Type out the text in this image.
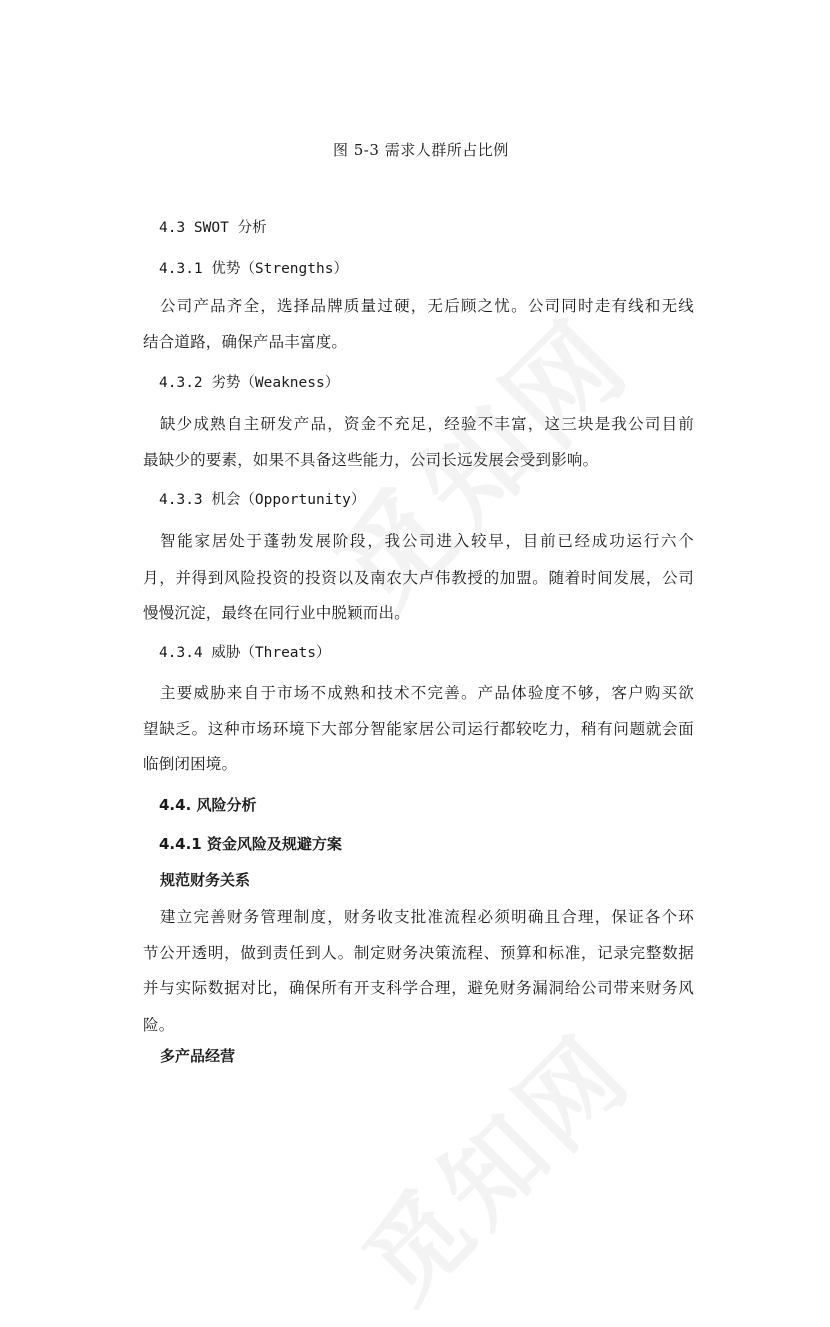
图 5-3 需求人群所占比例

4.3 SWOT 分析
4.3.1 优势（Strengths）

公司产品齐全，选择品牌质量过硬，无后顾之忧。公司同时走有线和无线

结合道路，确保产品丰富度。

4.3.2 劣势（Weakness）

缺少成熟自主研发产品，资金不充足，经验不丰富，这三块是我公司目前

最缺少的要素，如果不具备这些能力，公司长远发展会受到影响。

4.3.3 机会（Opportunity）

智能家居处于蓬勃发展阶段，我公司进入较早，目前已经成功运行六个

月，并得到风险投资的投资以及南农大卢伟教授的加盟。随着时间发展，公司

慢慢沉淀，最终在同行业中脱颖而出。

4.3.4 威胁（Threats）

主要威胁来自于市场不成熟和技术不完善。产品体验度不够，客户购买欲

望缺乏。这种市场环境下大部分智能家居公司运行都较吃力，稍有问题就会面

临倒闭困境。

4.4. 风险分析
4.4.1 资金风险及规避方案
规范财务关系

建立完善财务管理制度，财务收支批准流程必须明确且合理，保证各个环

节公开透明，做到责任到人。制定财务决策流程、预算和标准，记录完整数据

并与实际数据对比，确保所有开支科学合理，避免财务漏洞给公司带来财务风

险。

多产品经营
